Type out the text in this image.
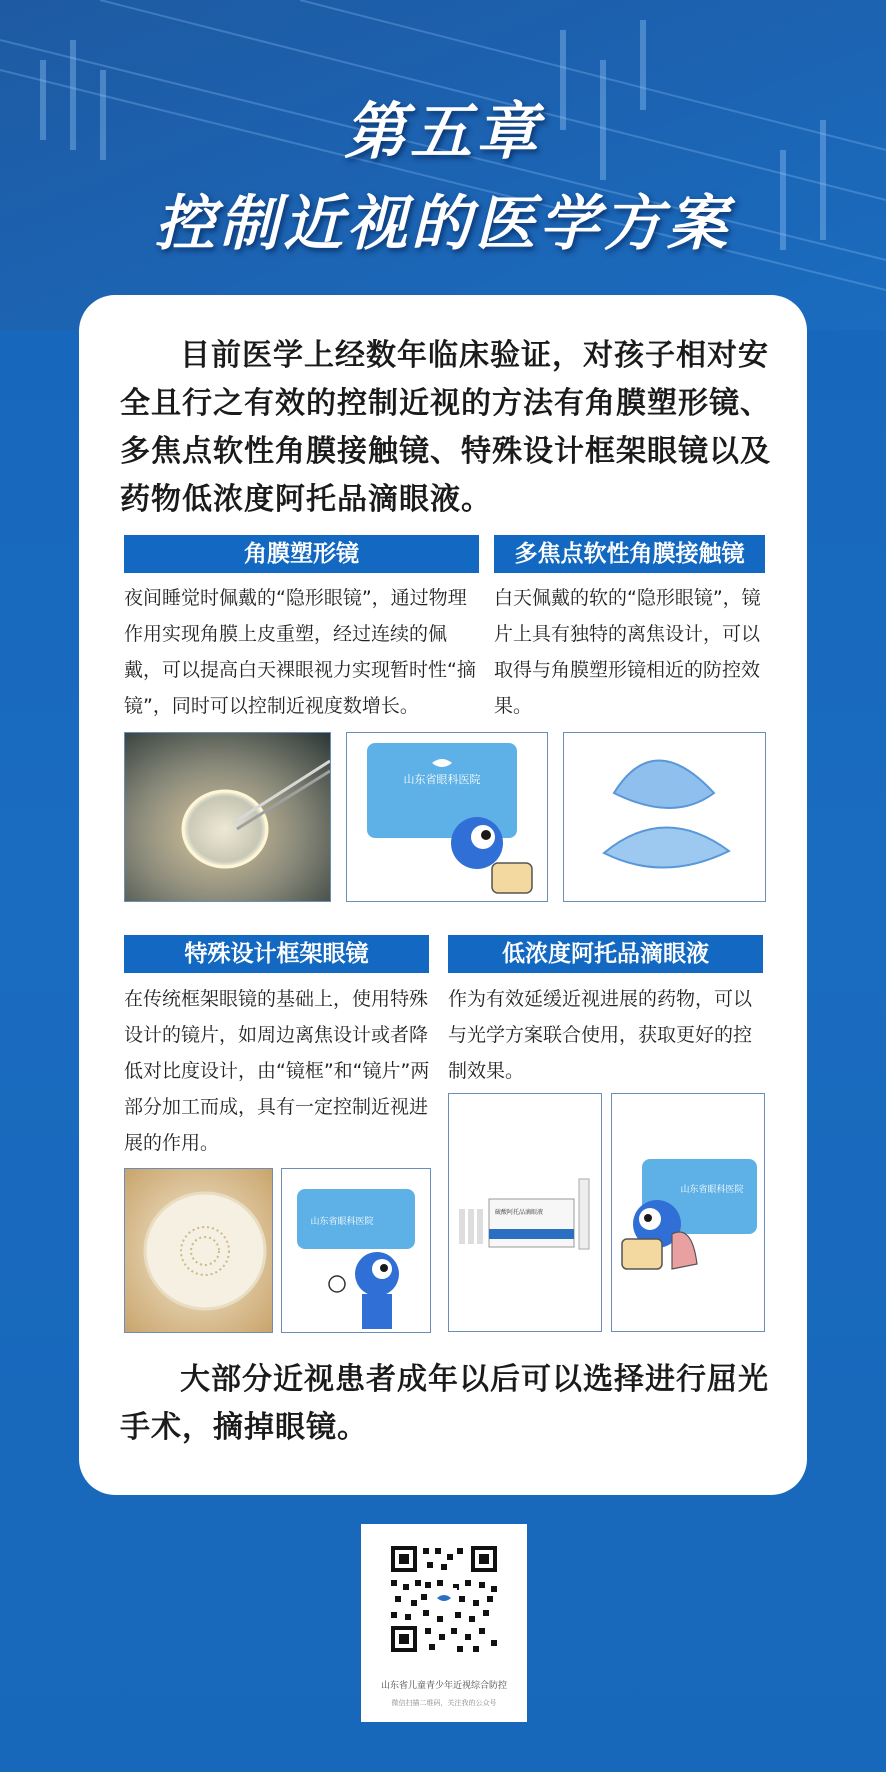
第五章
控制近视的医学方案
目前医学上经数年临床验证，对孩子相对安全且行之有效的控制近视的方法有角膜塑形镜、多焦点软性角膜接触镜、特殊设计框架眼镜以及药物低浓度阿托品滴眼液。
角膜塑形镜
夜间睡觉时佩戴的“隐形眼镜”，通过物理作用实现角膜上皮重塑，经过连续的佩戴，可以提高白天裸眼视力实现暂时性“摘镜”，同时可以控制近视度数增长。
多焦点软性角膜接触镜
白天佩戴的软的“隐形眼镜”，镜片上具有独特的离焦设计，可以取得与角膜塑形镜相近的防控效果。
山东省眼科医院
特殊设计框架眼镜
在传统框架眼镜的基础上，使用特殊设计的镜片，如周边离焦设计或者降低对比度设计，由“镜框”和“镜片”两部分加工而成，具有一定控制近视进展的作用。
低浓度阿托品滴眼液
作为有效延缓近视进展的药物，可以与光学方案联合使用，获取更好的控制效果。
山东省眼科医院
硫酸阿托品滴眼液
山东省眼科医院
大部分近视患者成年以后可以选择进行屈光手术，摘掉眼镜。
山东省儿童青少年近视综合防控
微信扫描二维码，关注我的公众号
